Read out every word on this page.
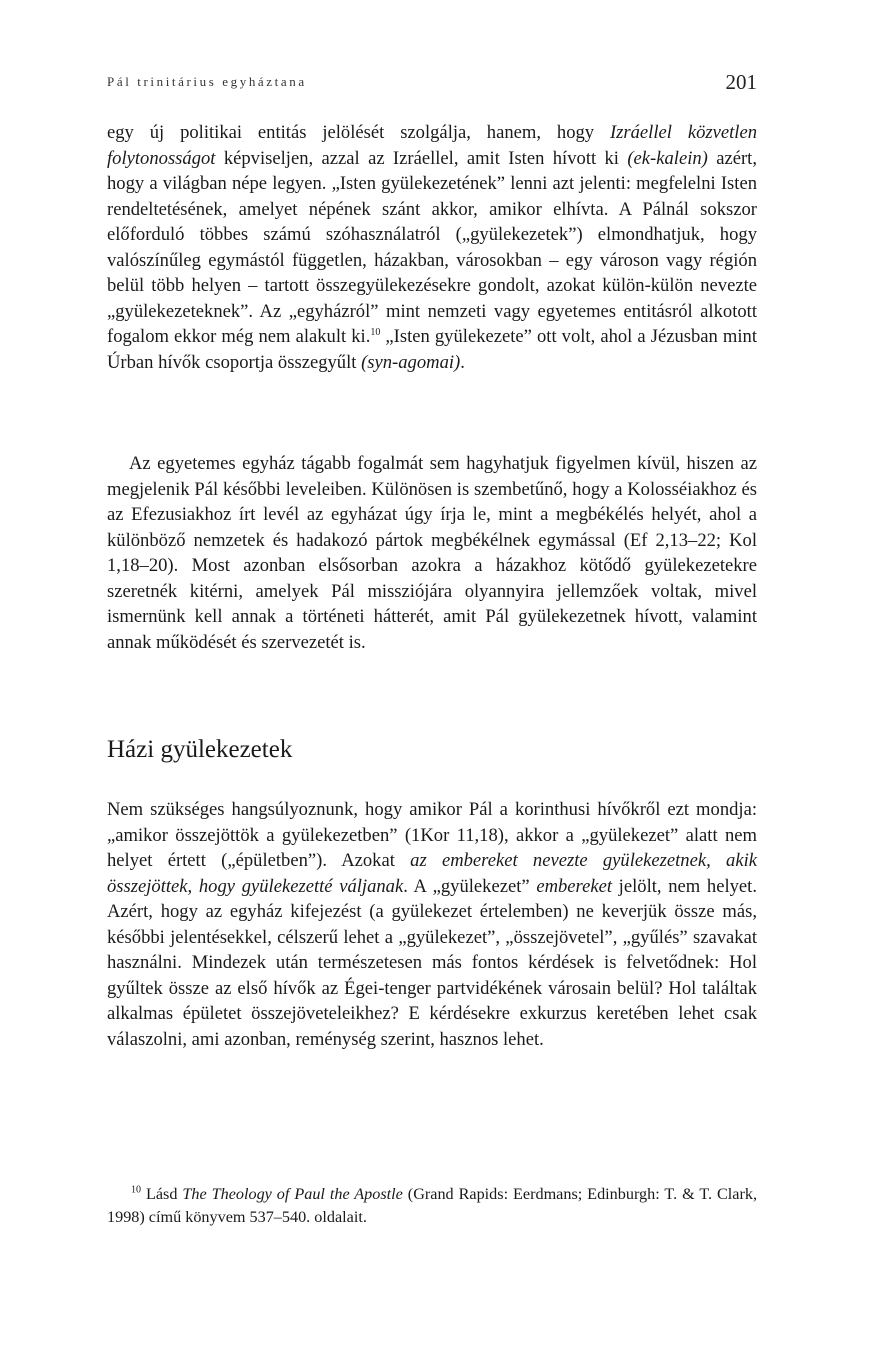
Pál trinitárius egyháztana	201

egy új politikai entitás jelölését szolgálja, hanem, hogy Izráellel közvetlen folytonosságot képviseljen, azzal az Izráellel, amit Isten hívott ki (ek-kalein) azért, hogy a világban népe legyen. „Isten gyülekezetének” lenni azt jelenti: megfelelni Isten rendeltetésének, amelyet népének szánt akkor, amikor elhívta. A Pálnál sokszor előforduló többes számú szóhasználatról („gyülekezetek”) elmondhatjuk, hogy valószínűleg egymástól független, házakban, városokban – egy városon vagy régión belül több helyen – tartott összegyülekezésekre gondolt, azokat külön-külön nevezte „gyülekezeteknek”. Az „egyházról” mint nemzeti vagy egyetemes entitásról alkotott fogalom ekkor még nem alakult ki.$^{10}$ „Isten gyülekezete” ott volt, ahol a Jézusban mint Úrban hívők csoportja összegyűlt (syn-agomai).

Az egyetemes egyház tágabb fogalmát sem hagyhatjuk figyelmen kívül, hiszen az megjelenik Pál későbbi leveleiben. Különösen is szembetűnő, hogy a Kolosséiakhoz és az Efezusiakhoz írt levél az egyházat úgy írja le, mint a megbékélés helyét, ahol a különböző nemzetek és hadakozó pártok megbékélnek egymással (Ef 2,13–22; Kol 1,18–20). Most azonban elsősorban azokra a házakhoz kötődő gyülekezetekre szeretnék kitérni, amelyek Pál missziójára olyannyira jellemzőek voltak, mivel ismernünk kell annak a történeti hátterét, amit Pál gyülekezetnek hívott, valamint annak működését és szervezetét is.

Házi gyülekezetek

Nem szükséges hangsúlyoznunk, hogy amikor Pál a korinthusi hívőkről ezt mondja: „amikor összejöttök a gyülekezetben” (1Kor 11,18), akkor a „gyülekezet” alatt nem helyet értett („épületben”). Azokat az embereket nevezte gyülekezetnek, akik összejöttek, hogy gyülekezetté váljanak. A „gyülekezet” embereket jelölt, nem helyet. Azért, hogy az egyház kifejezést (a gyülekezet értelemben) ne keverjük össze más, későbbi jelentésekkel, célszerű lehet a „gyülekezet”, „összejövetel”, „gyűlés” szavakat használni. Mindezek után természetesen más fontos kérdések is felvetődnek: Hol gyűltek össze az első hívők az Égei-tenger partvidékének városain belül? Hol találtak alkalmas épületet összejöveteleikhez? E kérdésekre exkurzus keretében lehet csak válaszolni, ami azonban, reménység szerint, hasznos lehet.

$^{10}$ Lásd The Theology of Paul the Apostle (Grand Rapids: Eerdmans; Edinburgh: T. & T. Clark, 1998) című könyvem 537–540. oldalait.
